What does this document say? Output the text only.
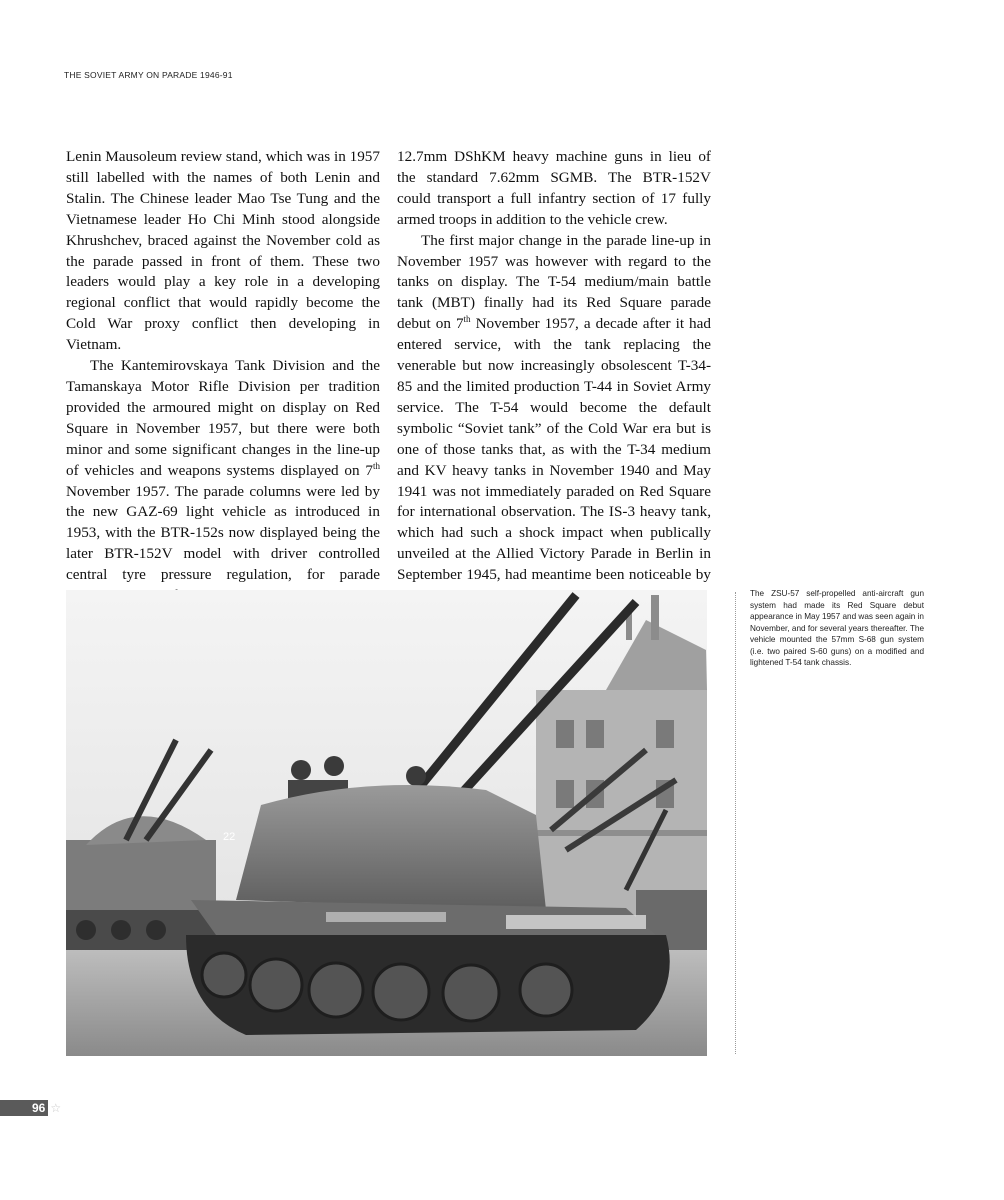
THE SOVIET ARMY ON PARADE 1946-91

Lenin Mausoleum review stand, which was in 1957 still labelled with the names of both Lenin and Stalin. The Chinese leader Mao Tse Tung and the Vietnamese leader Ho Chi Minh stood alongside Khrushchev, braced against the November cold as the parade passed in front of them. These two leaders would play a key role in a developing regional conflict that would rapidly become the Cold War proxy conflict then developing in Vietnam.

The Kantemirovskaya Tank Division and the Tamanskaya Motor Rifle Division per tradition provided the armoured might on display on Red Square in November 1957, but there were both minor and some significant changes in the line-up of vehicles and weapons systems displayed on 7th November 1957. The parade columns were led by the new GAZ-69 light vehicle as introduced in 1953, with the BTR-152s now displayed being the later BTR-152V model with driver controlled central tyre pressure regulation, for parade

12.7mm DShKM heavy machine guns in lieu of the standard 7.62mm SGMB. The BTR-152V could transport a full infantry section of 17 fully armed troops in addition to the vehicle crew.

The first major change in the parade line-up in November 1957 was however with regard to the tanks on display. The T-54 medium/main battle tank (MBT) finally had its Red Square parade debut on 7th November 1957, a decade after it had entered service, with the tank replacing the venerable but now increasingly obsolescent T-34-85 and the limited production T-44 in Soviet Army service. The T-54 would become the default symbolic “Soviet tank” of the Cold War era but is one of those tanks that, as with the T-34 medium and KV heavy tanks in November 1940 and May 1941 was not immediately paraded on Red Square for international observation. The IS-3 heavy tank, which had such a shock impact when publically unveiled at the Allied Victory Parade in Berlin in September 1945, had meantime been noticeable by

22

The ZSU-57 self-propelled anti-aircraft gun system had made its Red Square debut appearance in May 1957 and was seen again in November, and for several years thereafter. The vehicle mounted the 57mm S-68 gun system (i.e. two paired S-60 guns) on a modified and lightened T-54 tank chassis.

96 ☆
